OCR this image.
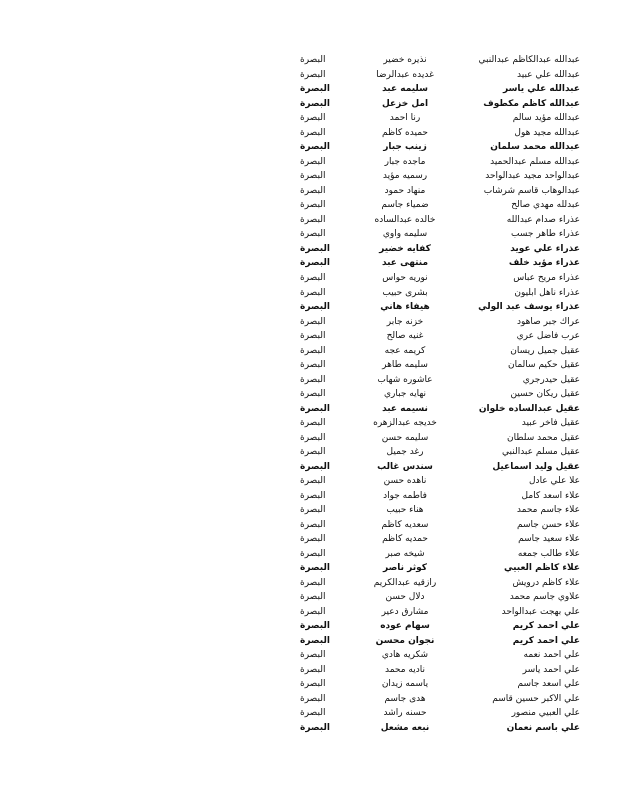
عبدالله عبدالكاظم عبدالنبي
نذيره خضير
البصرة
عبدالله علي عبيد
غديده عبدالرضا
البصرة
عبدالله علي ياسر
سليمه عبد
البصرة
عبدالله كاظم مكطوف
امل خزعل
البصرة
عبدالله مؤيد سالم
رنا احمد
البصرة
عبدالله مجيد هول
حميده كاظم
البصرة
عبدالله محمد سلمان
زينب جبار
البصرة
عبدالله مسلم عبدالحميد
ماجده جبار
البصرة
عبدالواحد مجيد عبدالواحد
رسميه مؤيد
البصرة
عبدالوهاب قاسم شرشاب
منهاد حمود
البصرة
عبدلله مهدي صالح
ضمياء جاسم
البصرة
عذراء صدام عبدالله
خالده عبدالساده
البصرة
عذراء طاهر جسب
سليمه واوي
البصرة
عذراء علي عويد
كفايه خضير
البصرة
عذراء مؤيد خلف
منتهى عبد
البصرة
عذراء مريح عباس
نوريه حواس
البصرة
عذراء ناهل ابليون
بشرى حبيب
البصرة
عذراء يوسف عبد الولي
هيفاء هاني
البصرة
عراك جبر صاهود
خزنه جابر
البصرة
عرب فاضل عري
غنيه صالح
البصرة
عقيل جميل ريسان
كريمه عجه
البصرة
عقيل حكيم سالمان
سليمه طاهر
البصرة
عقيل حيدرجري
عاشوره شهاب
البصرة
عقيل ريكان حسين
نهايه جباري
البصرة
عقيل عبدالساده خلوان
نسيمه عبد
البصرة
عقيل فاخر عبيد
خديجه عبدالزهره
البصرة
عقيل محمد سلطان
سليمه حسن
البصرة
عقيل مسلم عبدالنبي
رغد جميل
البصرة
عقيل وليد اسماعيل
سندس غالب
البصرة
علا علي عادل
ناهده حسن
البصرة
علاء اسعد كامل
فاطمه جواد
البصرة
علاء جاسم محمد
هناء حبيب
البصرة
علاء حسن جاسم
سعديه كاظم
البصرة
علاء سعيد جاسم
حمديه كاظم
البصرة
علاء طالب جمعه
شيخه صبر
البصرة
علاء كاظم العبيي
كوثر ناصر
البصرة
علاء كاظم درويش
رازقيه عبدالكريم
البصرة
علاوي جاسم محمد
دلال حسن
البصرة
علي بهجت عبدالواحد
مشارق دعير
البصرة
علي احمد كريم
سهام عوده
البصرة
علي احمد كريم
نجوان محسن
البصرة
علي احمد نعمه
شكريه هادي
البصرة
علي احمد ياسر
ناديه محمد
البصرة
علي اسعد جاسم
ياسمه زيدان
البصرة
علي الاكبر حسين قاسم
هدى جاسم
البصرة
علي العبيي منصور
حسنه راشد
البصرة
علي باسم نعمان
نبعه مشعل
البصرة
